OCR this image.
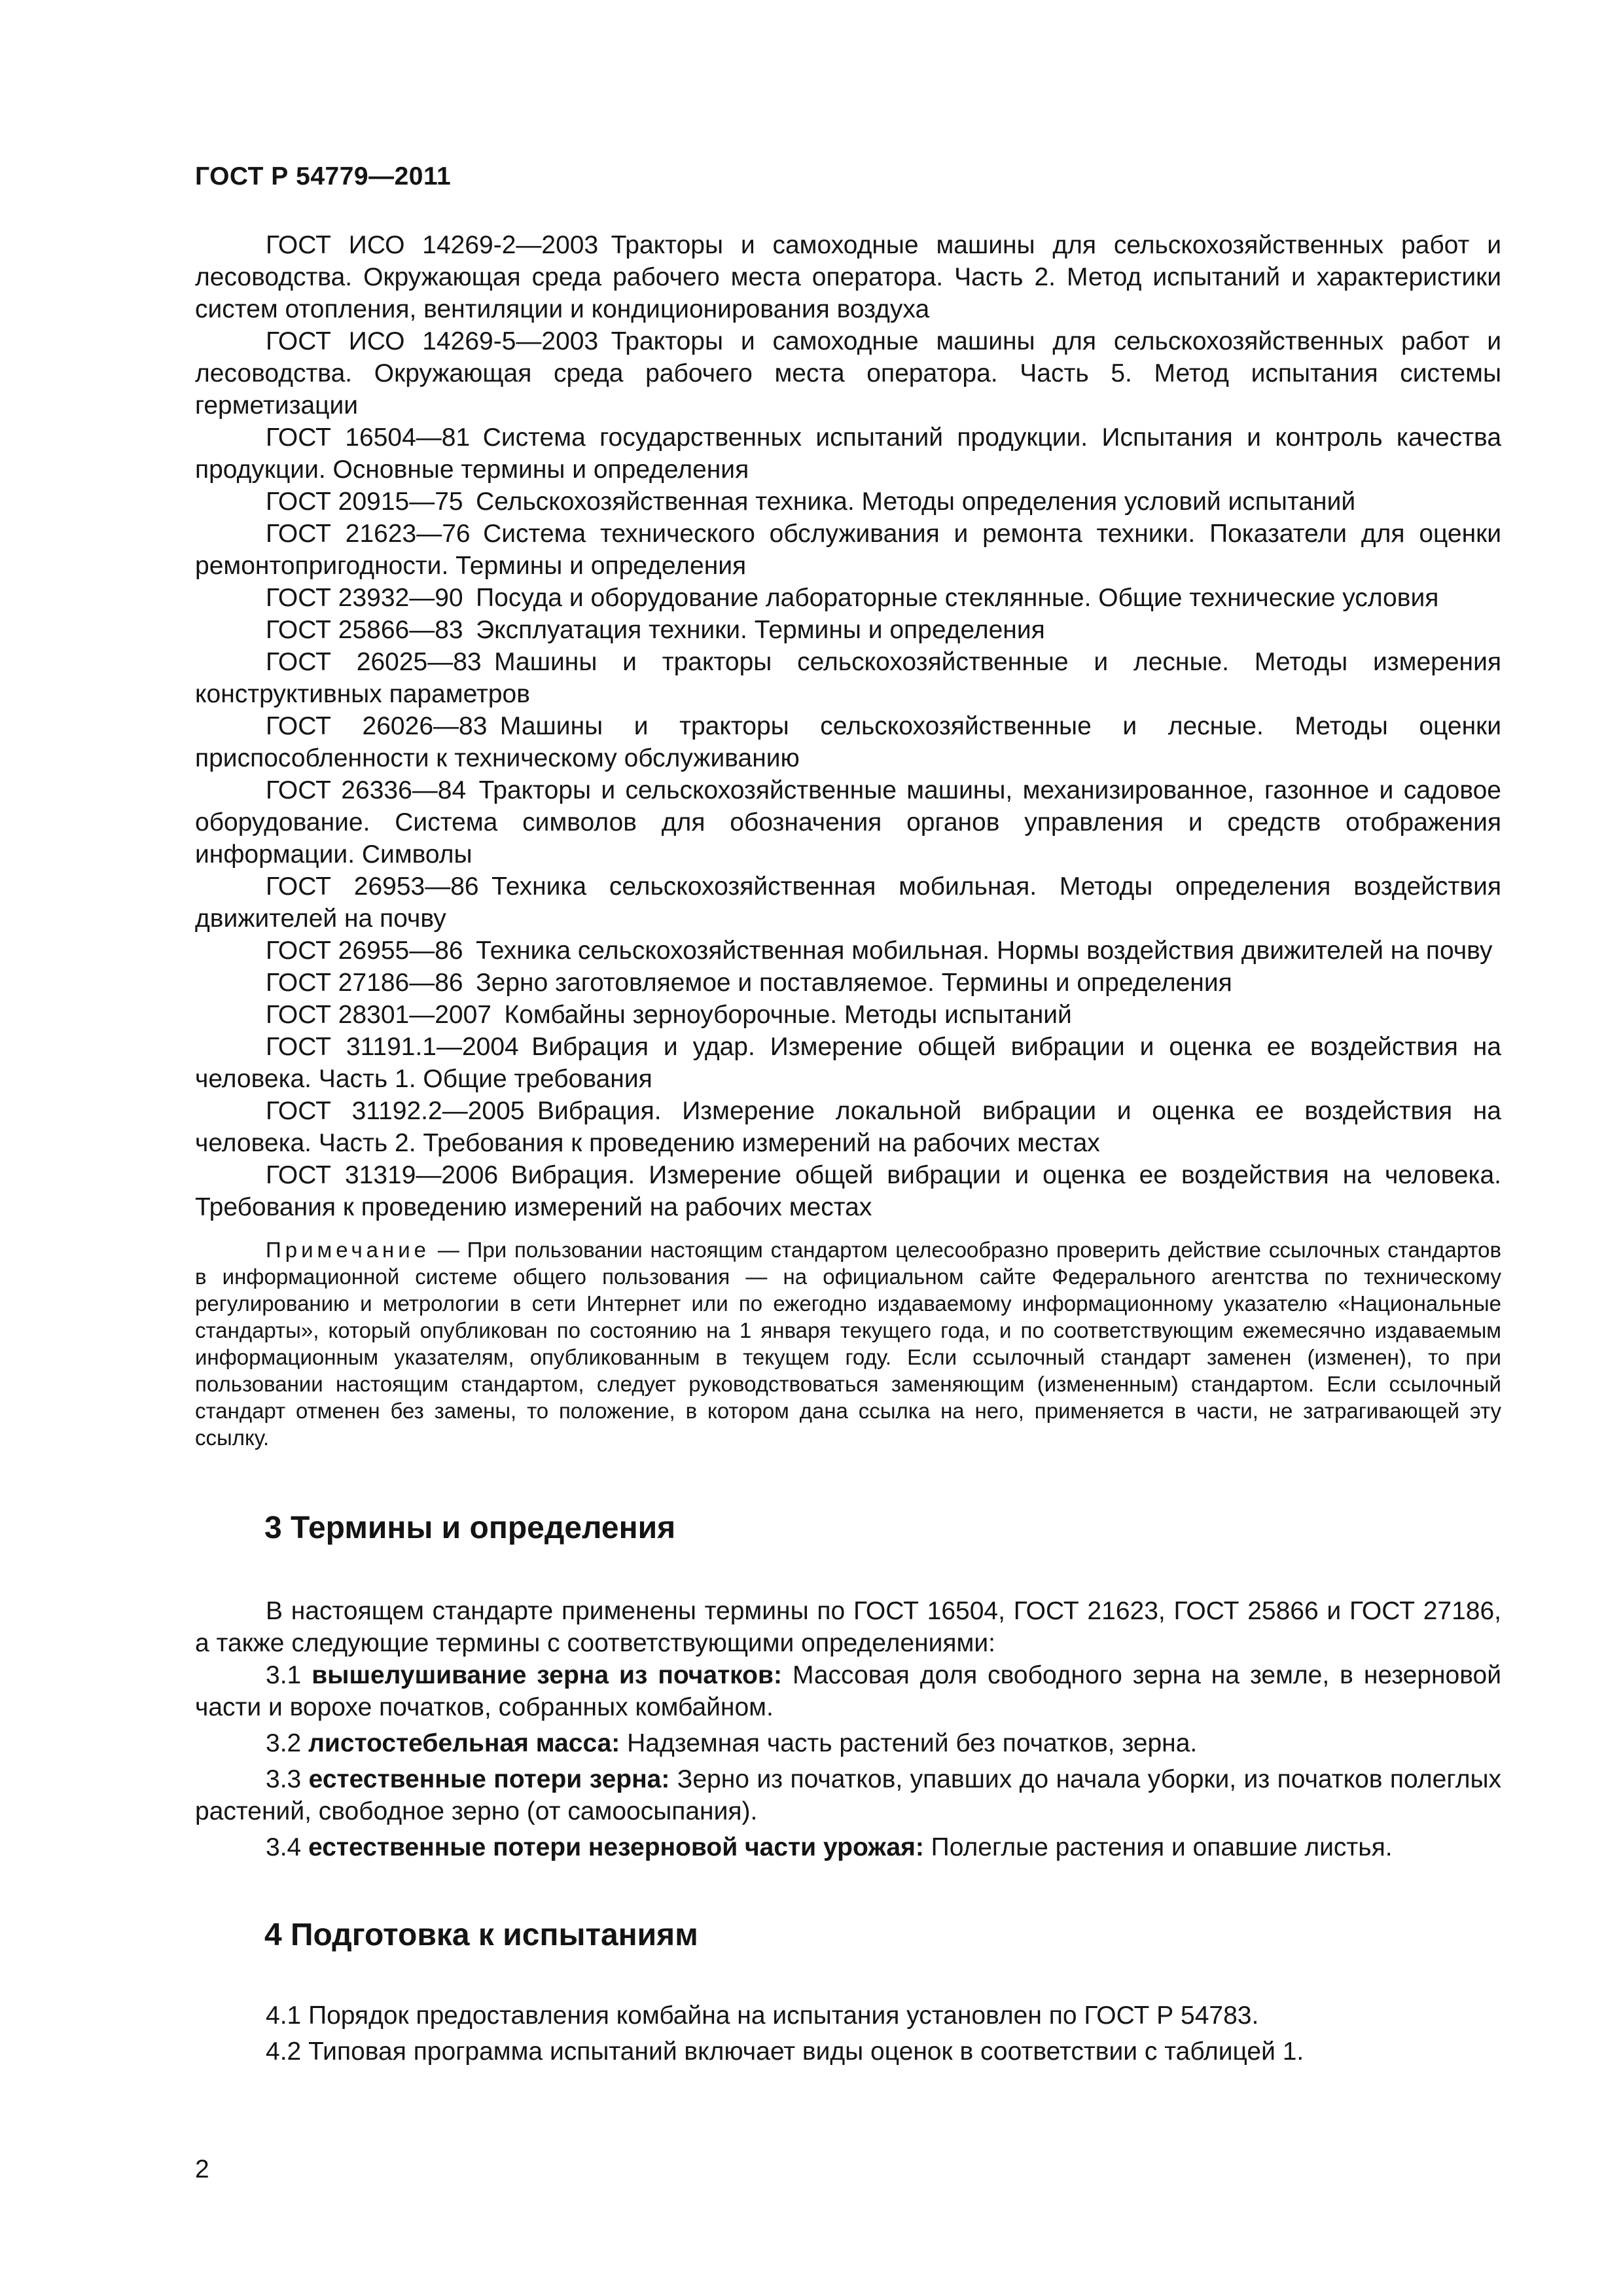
ГОСТ Р 54779—2011

ГОСТ ИСО 14269-2—2003  Тракторы и самоходные машины для сельскохозяйственных работ и лесоводства. Окружающая среда рабочего места оператора. Часть 2. Метод испытаний и характеристики систем отопления, вентиляции и кондиционирования воздуха

ГОСТ ИСО 14269-5—2003  Тракторы и самоходные машины для сельскохозяйственных работ и лесоводства. Окружающая среда рабочего места оператора. Часть 5. Метод испытания системы герметизации

ГОСТ 16504—81  Система государственных испытаний продукции. Испытания и контроль качества продукции. Основные термины и определения

ГОСТ 20915—75  Сельскохозяйственная техника. Методы определения условий испытаний

ГОСТ 21623—76  Система технического обслуживания и ремонта техники. Показатели для оценки ремонтопригодности. Термины и определения

ГОСТ 23932—90  Посуда и оборудование лабораторные стеклянные. Общие технические условия

ГОСТ 25866—83  Эксплуатация техники. Термины и определения

ГОСТ 26025—83  Машины и тракторы сельскохозяйственные и лесные. Методы измерения конструктивных параметров

ГОСТ 26026—83  Машины и тракторы сельскохозяйственные и лесные. Методы оценки приспособленности к техническому обслуживанию

ГОСТ 26336—84  Тракторы и сельскохозяйственные машины, механизированное, газонное и садовое оборудование. Система символов для обозначения органов управления и средств отображения информации. Символы

ГОСТ 26953—86  Техника сельскохозяйственная мобильная. Методы определения воздействия движителей на почву

ГОСТ 26955—86  Техника сельскохозяйственная мобильная. Нормы воздействия движителей на почву

ГОСТ 27186—86  Зерно заготовляемое и поставляемое. Термины и определения

ГОСТ 28301—2007  Комбайны зерноуборочные. Методы испытаний

ГОСТ 31191.1—2004  Вибрация и удар. Измерение общей вибрации и оценка ее воздействия на человека. Часть 1. Общие требования

ГОСТ 31192.2—2005  Вибрация. Измерение локальной вибрации и оценка ее воздействия на человека. Часть 2. Требования к проведению измерений на рабочих местах

ГОСТ 31319—2006  Вибрация. Измерение общей вибрации и оценка ее воздействия на человека. Требования к проведению измерений на рабочих местах

Примечание — При пользовании настоящим стандартом целесообразно проверить действие ссылочных стандартов в информационной системе общего пользования — на официальном сайте Федерального агентства по техническому регулированию и метрологии в сети Интернет или по ежегодно издаваемому информационному указателю «Национальные стандарты», который опубликован по состоянию на 1 января текущего года, и по соответствующим ежемесячно издаваемым информационным указателям, опубликованным в текущем году. Если ссылочный стандарт заменен (изменен), то при пользовании настоящим стандартом, следует руководствоваться заменяющим (измененным) стандартом. Если ссылочный стандарт отменен без замены, то положение, в котором дана ссылка на него, применяется в части, не затрагивающей эту ссылку.

3 Термины и определения

В настоящем стандарте применены термины по ГОСТ 16504, ГОСТ 21623, ГОСТ 25866 и ГОСТ 27186, а также следующие термины с соответствующими определениями:

3.1 вышелушивание зерна из початков: Массовая доля свободного зерна на земле, в незерновой части и ворохе початков, собранных комбайном.

3.2 листостебельная масса: Надземная часть растений без початков, зерна.

3.3 естественные потери зерна: Зерно из початков, упавших до начала уборки, из початков полеглых растений, свободное зерно (от самоосыпания).

3.4 естественные потери незерновой части урожая: Полеглые растения и опавшие листья.

4 Подготовка к испытаниям

4.1 Порядок предоставления комбайна на испытания установлен по ГОСТ Р 54783.

4.2 Типовая программа испытаний включает виды оценок в соответствии с таблицей 1.

2
